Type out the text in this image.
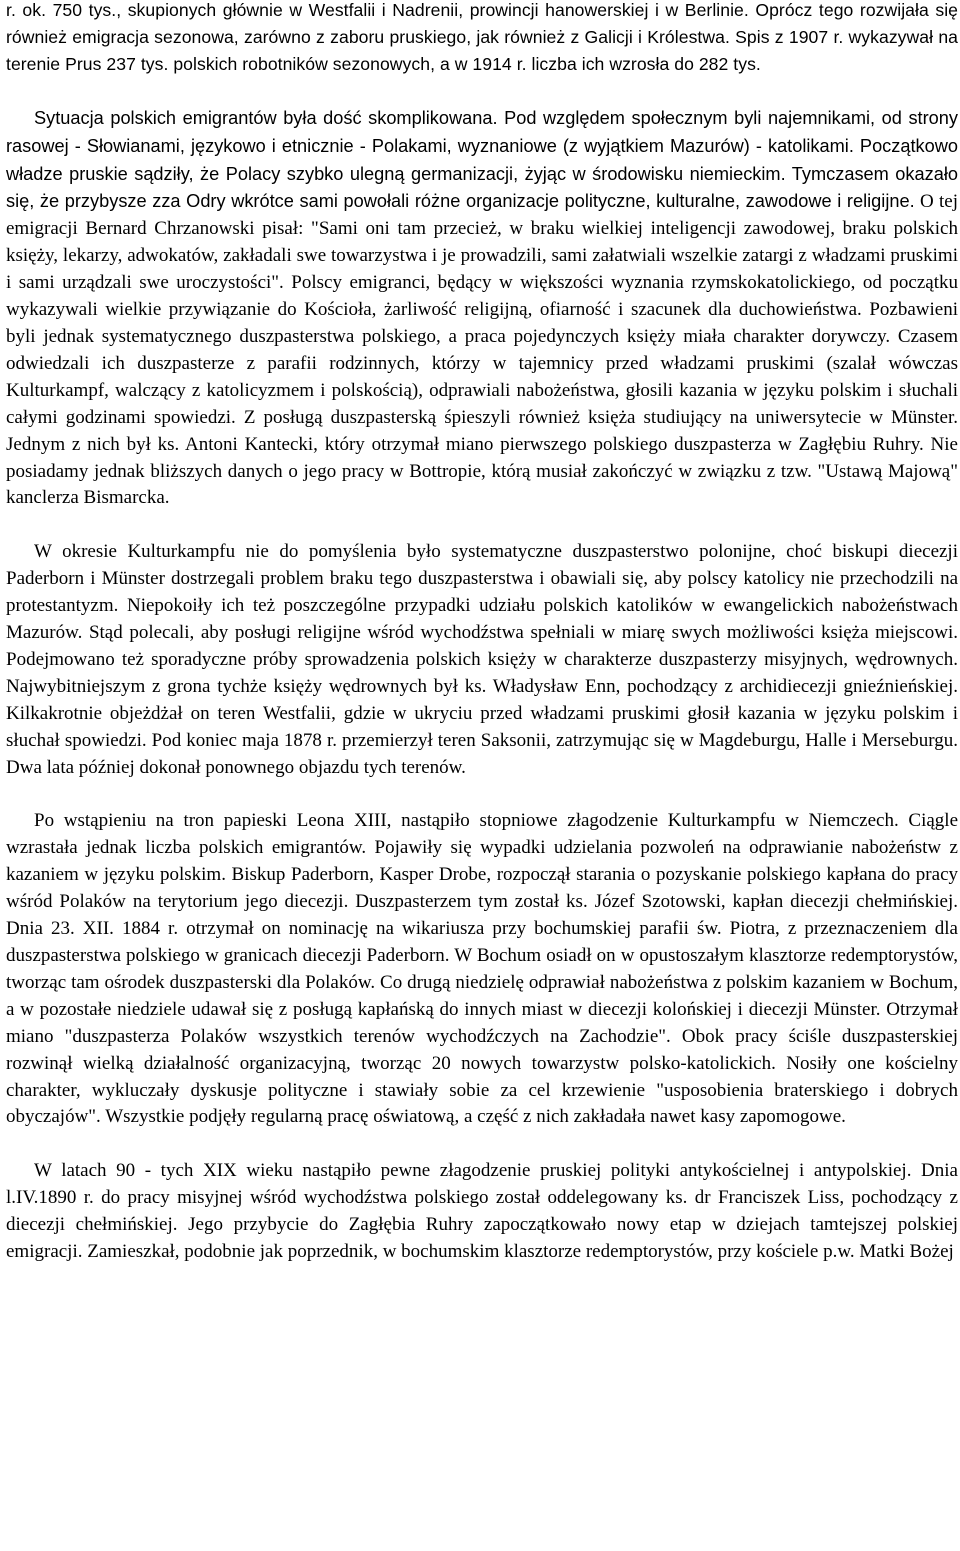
r. ok. 750 tys., skupionych głównie w Westfalii i Nadrenii, prowincji hanowerskiej i w Berlinie. Oprócz tego rozwijała się również emigracja sezonowa, zarówno z zaboru pruskiego, jak również z Galicji i Królestwa. Spis z 1907 r. wykazywał na terenie Prus 237 tys. polskich robotników sezonowych, a w 1914 r. liczba ich wzrosła do 282 tys.

Sytuacja polskich emigrantów była dość skomplikowana. Pod względem społecznym byli najemnikami, od strony rasowej - Słowianami, językowo i etnicznie - Polakami, wyznaniowe (z wyjątkiem Mazurów) - katolikami. Początkowo władze pruskie sądziły, że Polacy szybko ulegną germanizacji, żyjąc w środowisku niemieckim. Tymczasem okazało się, że przybysze zza Odry wkrótce sami powołali różne organizacje polityczne, kulturalne, zawodowe i religijne. O tej emigracji Bernard Chrzanowski pisał: "Sami oni tam przecież, w braku wielkiej inteligencji zawodowej, braku polskich księży, lekarzy, adwokatów, zakładali swe towarzystwa i je prowadzili, sami załatwiali wszelkie zatargi z władzami pruskimi i sami urządzali swe uroczystości". Polscy emigranci, będący w większości wyznania rzymskokatolickiego, od początku wykazywali wielkie przywiązanie do Kościoła, żarliwość religijną, ofiarność i szacunek dla duchowieństwa. Pozbawieni byli jednak systematycznego duszpasterstwa polskiego, a praca pojedynczych księży miała charakter dorywczy. Czasem odwiedzali ich duszpasterze z parafii rodzinnych, którzy w tajemnicy przed władzami pruskimi (szalał wówczas Kulturkampf, walczący z katolicyzmem i polskością), odprawiali nabożeństwa, głosili kazania w języku polskim i słuchali całymi godzinami spowiedzi. Z posługą duszpasterską śpieszyli również księża studiujący na uniwersytecie w Münster. Jednym z nich był ks. Antoni Kantecki, który otrzymał miano pierwszego polskiego duszpasterza w Zagłębiu Ruhry. Nie posiadamy jednak bliższych danych o jego pracy w Bottropie, którą musiał zakończyć w związku z tzw. "Ustawą Majową" kanclerza Bismarcka.

W okresie Kulturkampfu nie do pomyślenia było systematyczne duszpasterstwo polonijne, choć biskupi diecezji Paderborn i Münster dostrzegali problem braku tego duszpasterstwa i obawiali się, aby polscy katolicy nie przechodzili na protestantyzm. Niepokoiły ich też poszczególne przypadki udziału polskich katolików w ewangelickich nabożeństwach Mazurów. Stąd polecali, aby posługi religijne wśród wychodźstwa spełniali w miarę swych możliwości księża miejscowi. Podejmowano też sporadyczne próby sprowadzenia polskich księży w charakterze duszpasterzy misyjnych, wędrownych. Najwybitniejszym z grona tychże księży wędrownych był ks. Władysław Enn, pochodzący z archidiecezji gnieźnieńskiej. Kilkakrotnie objeżdżał on teren Westfalii, gdzie w ukryciu przed władzami pruskimi głosił kazania w języku polskim i słuchał spowiedzi. Pod koniec maja 1878 r. przemierzył teren Saksonii, zatrzymując się w Magdeburgu, Halle i Merseburgu. Dwa lata później dokonał ponownego objazdu tych terenów.

Po wstąpieniu na tron papieski Leona XIII, nastąpiło stopniowe złagodzenie Kulturkampfu w Niemczech. Ciągle wzrastała jednak liczba polskich emigrantów. Pojawiły się wypadki udzielania pozwoleń na odprawianie nabożeństw z kazaniem w języku polskim. Biskup Paderborn, Kasper Drobe, rozpoczął starania o pozyskanie polskiego kapłana do pracy wśród Polaków na terytorium jego diecezji. Duszpasterzem tym został ks. Józef Szotowski, kapłan diecezji chełmińskiej. Dnia 23. XII. 1884 r. otrzymał on nominację na wikariusza przy bochumskiej parafii św. Piotra, z przeznaczeniem dla duszpasterstwa polskiego w granicach diecezji Paderborn. W Bochum osiadł on w opustoszałym klasztorze redemptorystów, tworząc tam ośrodek duszpasterski dla Polaków. Co drugą niedzielę odprawiał nabożeństwa z polskim kazaniem w Bochum, a w pozostałe niedziele udawał się z posługą kapłańską do innych miast w diecezji kolońskiej i diecezji Münster. Otrzymał miano "duszpasterza Polaków wszystkich terenów wychodźczych na Zachodzie". Obok pracy ściśle duszpasterskiej rozwinął wielką działalność organizacyjną, tworząc 20 nowych towarzystw polsko-katolickich. Nosiły one kościelny charakter, wykluczały dyskusje polityczne i stawiały sobie za cel krzewienie "usposobienia braterskiego i dobrych obyczajów". Wszystkie podjęły regularną pracę oświatową, a część z nich zakładała nawet kasy zapomogowe.

W latach 90 - tych XIX wieku nastąpiło pewne złagodzenie pruskiej polityki antykościelnej i antypolskiej. Dnia l.IV.1890 r. do pracy misyjnej wśród wychodźstwa polskiego został oddelegowany ks. dr Franciszek Liss, pochodzący z diecezji chełmińskiej. Jego przybycie do Zagłębia Ruhry zapoczątkowało nowy etap w dziejach tamtejszej polskiej emigracji. Zamieszkał, podobnie jak poprzednik, w bochumskim klasztorze redemptorystów, przy kościele p.w. Matki Bożej
